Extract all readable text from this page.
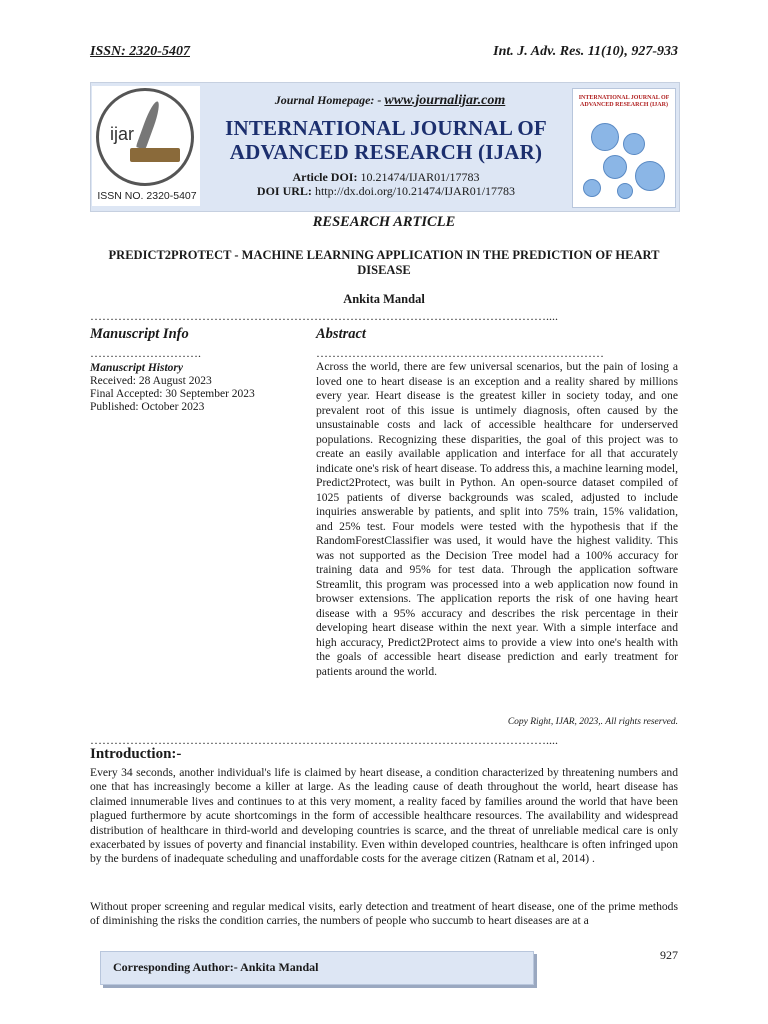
ISSN: 2320-5407	Int. J. Adv. Res. 11(10), 927-933
ijar
ISSN NO. 2320-5407
Journal Homepage: - www.journalijar.com
INTERNATIONAL JOURNAL OF
ADVANCED RESEARCH (IJAR)
Article DOI: 10.21474/IJAR01/17783
DOI URL: http://dx.doi.org/10.21474/IJAR01/17783
INTERNATIONAL JOURNAL OF ADVANCED RESEARCH (IJAR)
RESEARCH ARTICLE
PREDICT2PROTECT - MACHINE LEARNING APPLICATION IN THE PREDICTION OF HEART
DISEASE
Ankita Mandal
……………………………………………………………………………………………………....
Manuscript Info	Abstract
……………………….	………………………………………………………………
Manuscript History
Received: 28 August 2023
Final Accepted: 30 September 2023
Published: October 2023
Across the world, there are few universal scenarios, but the pain of losing a loved one to heart disease is an exception and a reality shared by millions every year. Heart disease is the greatest killer in society today, and one prevalent root of this issue is untimely diagnosis, often caused by the unsustainable costs and lack of accessible healthcare for underserved populations. Recognizing these disparities, the goal of this project was to create an easily available application and interface for all that accurately indicate one's risk of heart disease. To address this, a machine learning model, Predict2Protect, was built in Python. An open-source dataset compiled of 1025 patients of diverse backgrounds was scaled, adjusted to include inquiries answerable by patients, and split into 75% train, 15% validation, and 25% test. Four models were tested with the hypothesis that if the RandomForestClassifier was used, it would have the highest validity. This was not supported as the Decision Tree model had a 100% accuracy for training data and 95% for test data. Through the application software Streamlit, this program was processed into a web application now found in browser extensions. The application reports the risk of one having heart disease with a 95% accuracy and describes the risk percentage in their developing heart disease within the next year. With a simple interface and high accuracy, Predict2Protect aims to provide a view into one's health with the goals of accessible heart disease prediction and early treatment for patients around the world.
Copy Right, IJAR, 2023,. All rights reserved.
……………………………………………………………………………………………………....
Introduction:-
Every 34 seconds, another individual's life is claimed by heart disease, a condition characterized by threatening numbers and one that has increasingly become a killer at large. As the leading cause of death throughout the world, heart disease has claimed innumerable lives and continues to at this very moment, a reality faced by families around the world that have been plagued furthermore by acute shortcomings in the form of accessible healthcare resources. The availability and widespread distribution of healthcare in third-world and developing countries is scarce, and the threat of unreliable medical care is only exacerbated by issues of poverty and financial instability. Even within developed countries, healthcare is often infringed upon by the burdens of inadequate scheduling and unaffordable costs for the average citizen (Ratnam et al, 2014) .
Without proper screening and regular medical visits, early detection and treatment of heart disease, one of the prime methods of diminishing the risks the condition carries, the numbers of people who succumb to heart diseases are at a
927
Corresponding Author:- Ankita Mandal
